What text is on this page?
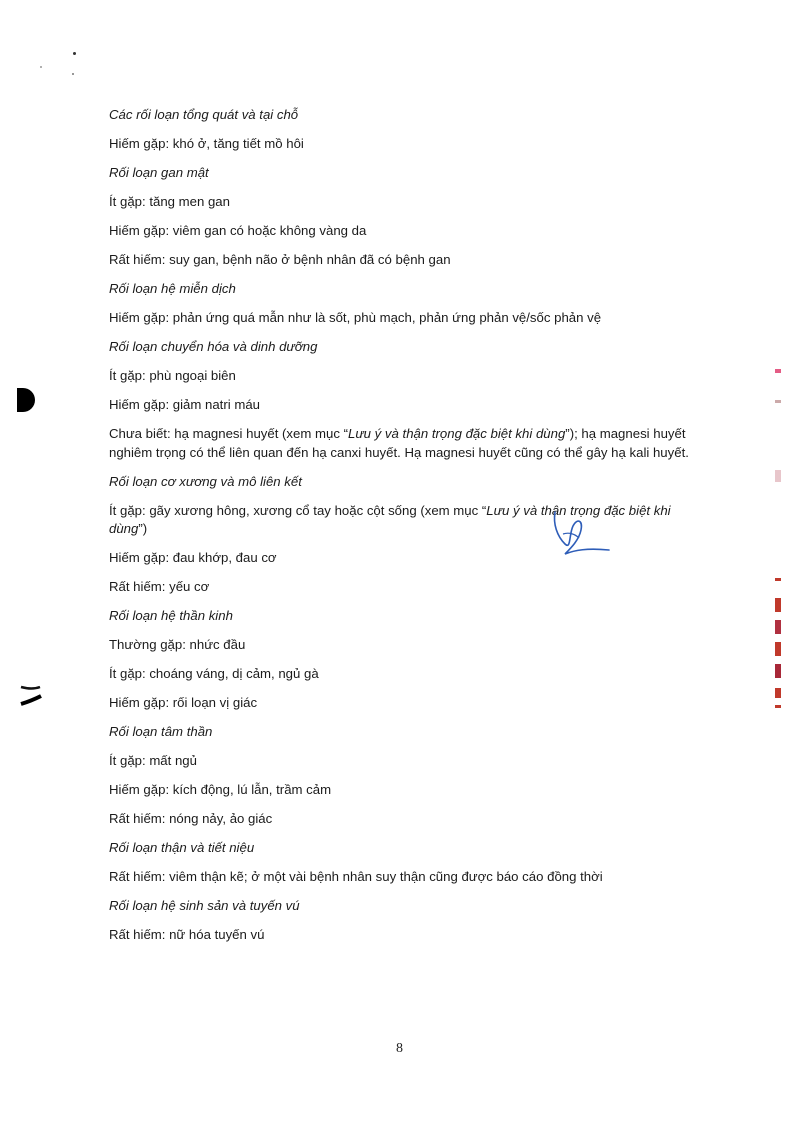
Các rối loạn tổng quát và tại chỗ

Hiếm gặp: khó ở, tăng tiết mồ hôi

Rối loạn gan mật

Ít gặp: tăng men gan

Hiếm gặp: viêm gan có hoặc không vàng da

Rất hiếm: suy gan, bệnh não ở bệnh nhân đã có bệnh gan

Rối loạn hệ miễn dịch

Hiếm gặp: phản ứng quá mẫn như là sốt, phù mạch, phản ứng phản vệ/sốc phản vệ

Rối loạn chuyển hóa và dinh dưỡng

Ít gặp: phù ngoại biên

Hiếm gặp: giảm natri máu

Chưa biết: hạ magnesi huyết (xem mục “Lưu ý và thận trọng đặc biệt khi dùng”); hạ magnesi huyết nghiêm trọng có thể liên quan đến hạ canxi huyết. Hạ magnesi huyết cũng có thể gây hạ kali huyết.

Rối loạn cơ xương và mô liên kết

Ít gặp: gãy xương hông, xương cổ tay hoặc cột sống (xem mục “Lưu ý và thận trọng đặc biệt khi dùng”)

Hiếm gặp: đau khớp, đau cơ

Rất hiếm: yếu cơ

Rối loạn hệ thần kinh

Thường gặp: nhức đầu

Ít gặp: choáng váng, dị cảm, ngủ gà

Hiếm gặp: rối loạn vị giác

Rối loạn tâm thần

Ít gặp: mất ngủ

Hiếm gặp: kích động, lú lẫn, trầm cảm

Rất hiếm: nóng nảy, ảo giác

Rối loạn thận và tiết niệu

Rất hiếm: viêm thận kẽ; ở một vài bệnh nhân suy thận cũng được báo cáo đồng thời

Rối loạn hệ sinh sản và tuyến vú

Rất hiếm: nữ hóa tuyến vú

8
